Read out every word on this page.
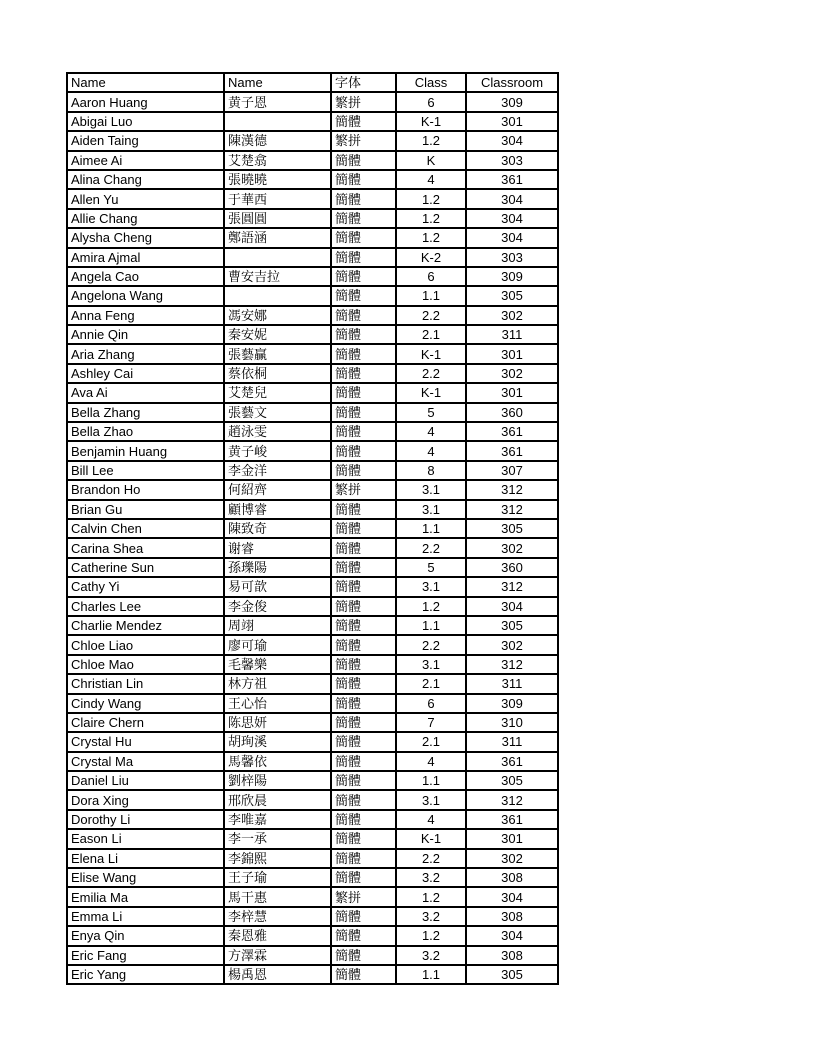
Name	Name	字体	Class	Classroom
Aaron Huang	黄子恩	繁拼	6	309
Abigai Luo		簡體	K-1	301
Aiden Taing	陳漢德	繁拼	1.2	304
Aimee Ai	艾楚翕	簡體	K	303
Alina Chang	張曉曉	簡體	4	361
Allen Yu	于華西	簡體	1.2	304
Allie Chang	張圓圓	簡體	1.2	304
Alysha Cheng	鄭語涵	簡體	1.2	304
Amira Ajmal		簡體	K-2	303
Angela Cao	曹安吉拉	簡體	6	309
Angelona Wang		簡體	1.1	305
Anna Feng	馮安娜	簡體	2.2	302
Annie Qin	秦安妮	簡體	2.1	311
Aria Zhang	張藝贏	簡體	K-1	301
Ashley Cai	蔡依桐	簡體	2.2	302
Ava Ai	艾楚兒	簡體	K-1	301
Bella Zhang	張藝文	簡體	5	360
Bella Zhao	趙泳雯	簡體	4	361
Benjamin Huang	黄子峻	簡體	4	361
Bill Lee	李金洋	簡體	8	307
Brandon Ho	何紹齊	繁拼	3.1	312
Brian Gu	顧博睿	簡體	3.1	312
Calvin Chen	陳致奇	簡體	1.1	305
Carina Shea	谢睿	簡體	2.2	302
Catherine Sun	孫瓅陽	簡體	5	360
Cathy Yi	易可歆	簡體	3.1	312
Charles Lee	李金俊	簡體	1.2	304
Charlie Mendez	周翊	簡體	1.1	305
Chloe Liao	廖可瑜	簡體	2.2	302
Chloe Mao	毛馨樂	簡體	3.1	312
Christian Lin	林方祖	簡體	2.1	311
Cindy Wang	王心怡	簡體	6	309
Claire Chern	陈思妍	簡體	7	310
Crystal Hu	胡珣溪	簡體	2.1	311
Crystal Ma	馬馨依	簡體	4	361
Daniel Liu	劉梓陽	簡體	1.1	305
Dora Xing	邢欣晨	簡體	3.1	312
Dorothy Li	李唯嘉	簡體	4	361
Eason Li	李一承	簡體	K-1	301
Elena Li	李錦熙	簡體	2.2	302
Elise Wang	王子瑜	簡體	3.2	308
Emilia Ma	馬干惠	繁拼	1.2	304
Emma Li	李梓慧	簡體	3.2	308
Enya Qin	秦恩雅	簡體	1.2	304
Eric Fang	方澤霖	簡體	3.2	308
Eric Yang	楊禹恩	簡體	1.1	305
